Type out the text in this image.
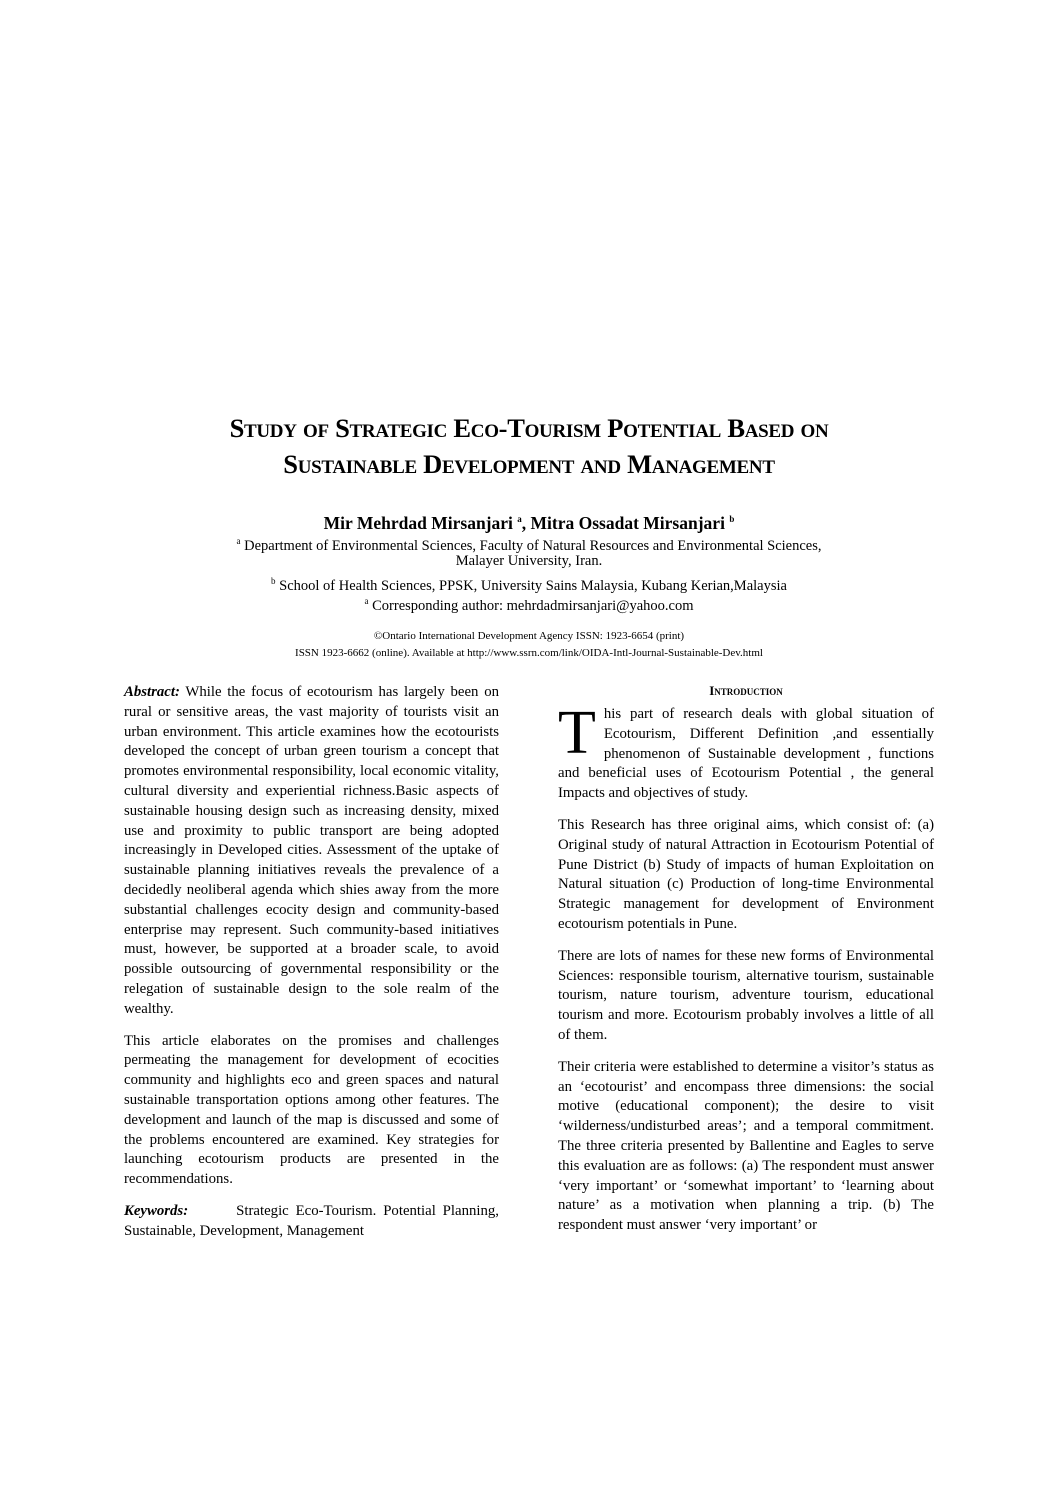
Study of Strategic Eco-Tourism Potential Based on
Sustainable Development and Management
Mir Mehrdad Mirsanjari $^a$, Mitra Ossadat Mirsanjari $^b$
$^a$ Department of Environmental Sciences, Faculty of Natural Resources and Environmental Sciences,
Malayer University, Iran.
$^b$ School of Health Sciences, PPSK, University Sains Malaysia, Kubang Kerian,Malaysia
$^a$ Corresponding author: mehrdadmirsanjari@yahoo.com
©Ontario International Development Agency ISSN: 1923-6654 (print)
ISSN 1923-6662 (online). Available at http://www.ssrn.com/link/OIDA-Intl-Journal-Sustainable-Dev.html

Abstract: While the focus of ecotourism has largely been on rural or sensitive areas, the vast majority of tourists visit an urban environment. This article examines how the ecotourists developed the concept of urban green tourism a concept that promotes environmental responsibility, local economic vitality, cultural diversity and experiential richness.Basic aspects of sustainable housing design such as increasing density, mixed use and proximity to public transport are being adopted increasingly in Developed cities. Assessment of the uptake of sustainable planning initiatives reveals the prevalence of a decidedly neoliberal agenda which shies away from the more substantial challenges ecocity design and community-based enterprise may represent. Such community-based initiatives must, however, be supported at a broader scale, to avoid possible outsourcing of governmental responsibility or the relegation of sustainable design to the sole realm of the wealthy.

This article elaborates on the promises and challenges permeating the management for development of ecocities community and highlights eco and green spaces and natural sustainable transportation options among other features. The development and launch of the map is discussed and some of the problems encountered are examined. Key strategies for launching ecotourism products are presented in the recommendations.

Keywords:	Strategic Eco-Tourism. Potential Planning, Sustainable, Development, Management

Introduction

T his part of research deals with global situation of Ecotourism, Different Definition ,and essentially phenomenon of Sustainable development , functions and beneficial uses of Ecotourism Potential , the general Impacts and objectives of study.

This Research has three original aims, which consist of: (a) Original study of natural Attraction in Ecotourism Potential of Pune District (b) Study of impacts of human Exploitation on Natural situation (c) Production of long-time Environmental Strategic management for development of Environment ecotourism potentials in Pune.

There are lots of names for these new forms of Environmental Sciences: responsible tourism, alternative tourism, sustainable tourism, nature tourism, adventure tourism, educational tourism and more. Ecotourism probably involves a little of all of them.

Their criteria were established to determine a visitor’s status as an ‘ecotourist’ and encompass three dimensions: the social motive (educational component); the desire to visit ‘wilderness/undisturbed areas’; and a temporal commitment. The three criteria presented by Ballentine and Eagles to serve this evaluation are as follows: (a) The respondent must answer ‘very important’ or ‘somewhat important’ to ‘learning about nature’ as a motivation when planning a trip. (b) The respondent must answer ‘very important’ or
